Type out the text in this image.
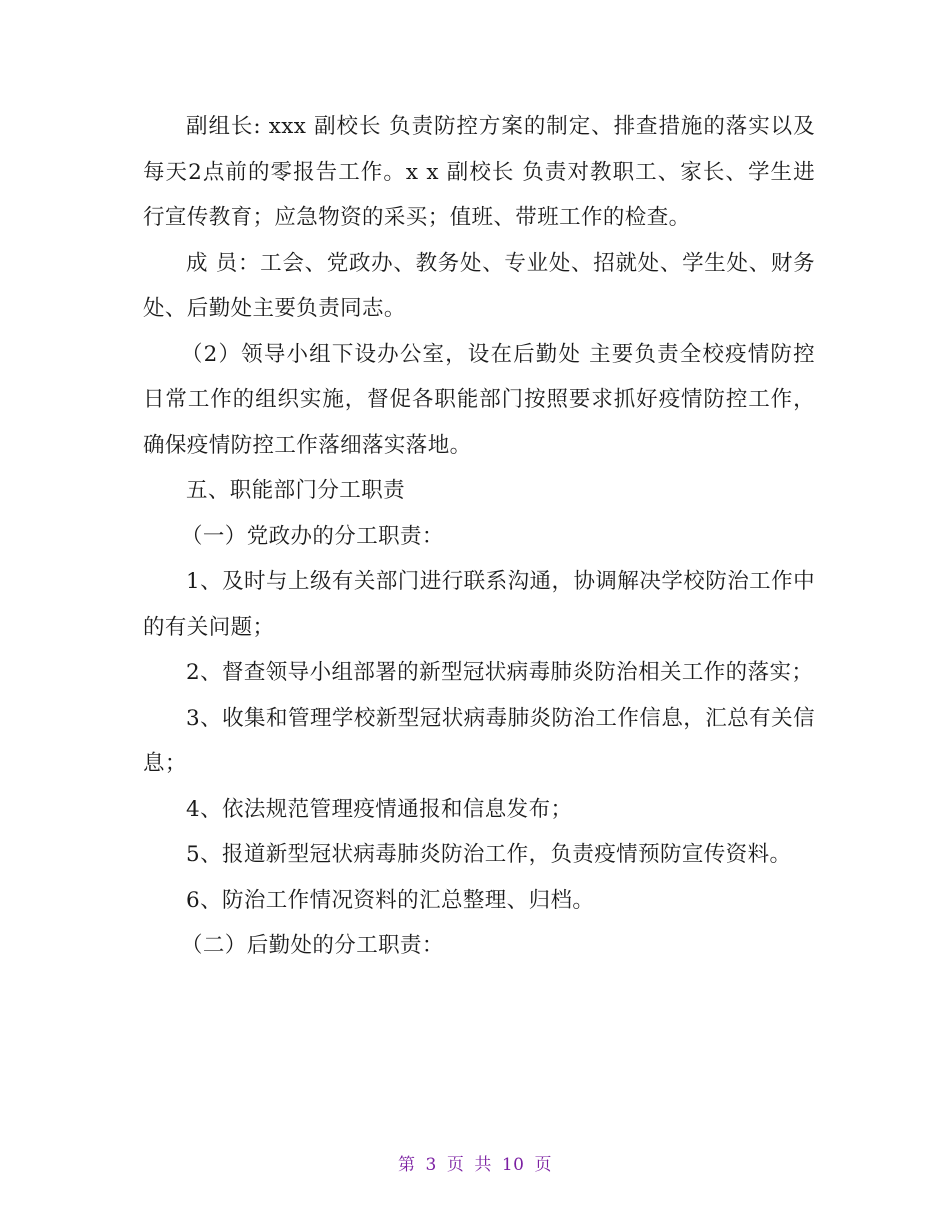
副组长: xxx 副校长 负责防控方案的制定、排查措施的落实以及每天2点前的零报告工作。x x 副校长 负责对教职工、家长、学生进行宣传教育；应急物资的采买；值班、带班工作的检查。

成 员：工会、党政办、教务处、专业处、招就处、学生处、财务处、后勤处主要负责同志。

（2）领导小组下设办公室，设在后勤处 主要负责全校疫情防控日常工作的组织实施，督促各职能部门按照要求抓好疫情防控工作，确保疫情防控工作落细落实落地。

五、职能部门分工职责

（一）党政办的分工职责：

1、及时与上级有关部门进行联系沟通，协调解决学校防治工作中的有关问题；

2、督查领导小组部署的新型冠状病毒肺炎防治相关工作的落实；

3、收集和管理学校新型冠状病毒肺炎防治工作信息，汇总有关信息；

4、依法规范管理疫情通报和信息发布；

5、报道新型冠状病毒肺炎防治工作，负责疫情预防宣传资料。

6、防治工作情况资料的汇总整理、归档。

（二）后勤处的分工职责：

第 3 页 共 10 页
